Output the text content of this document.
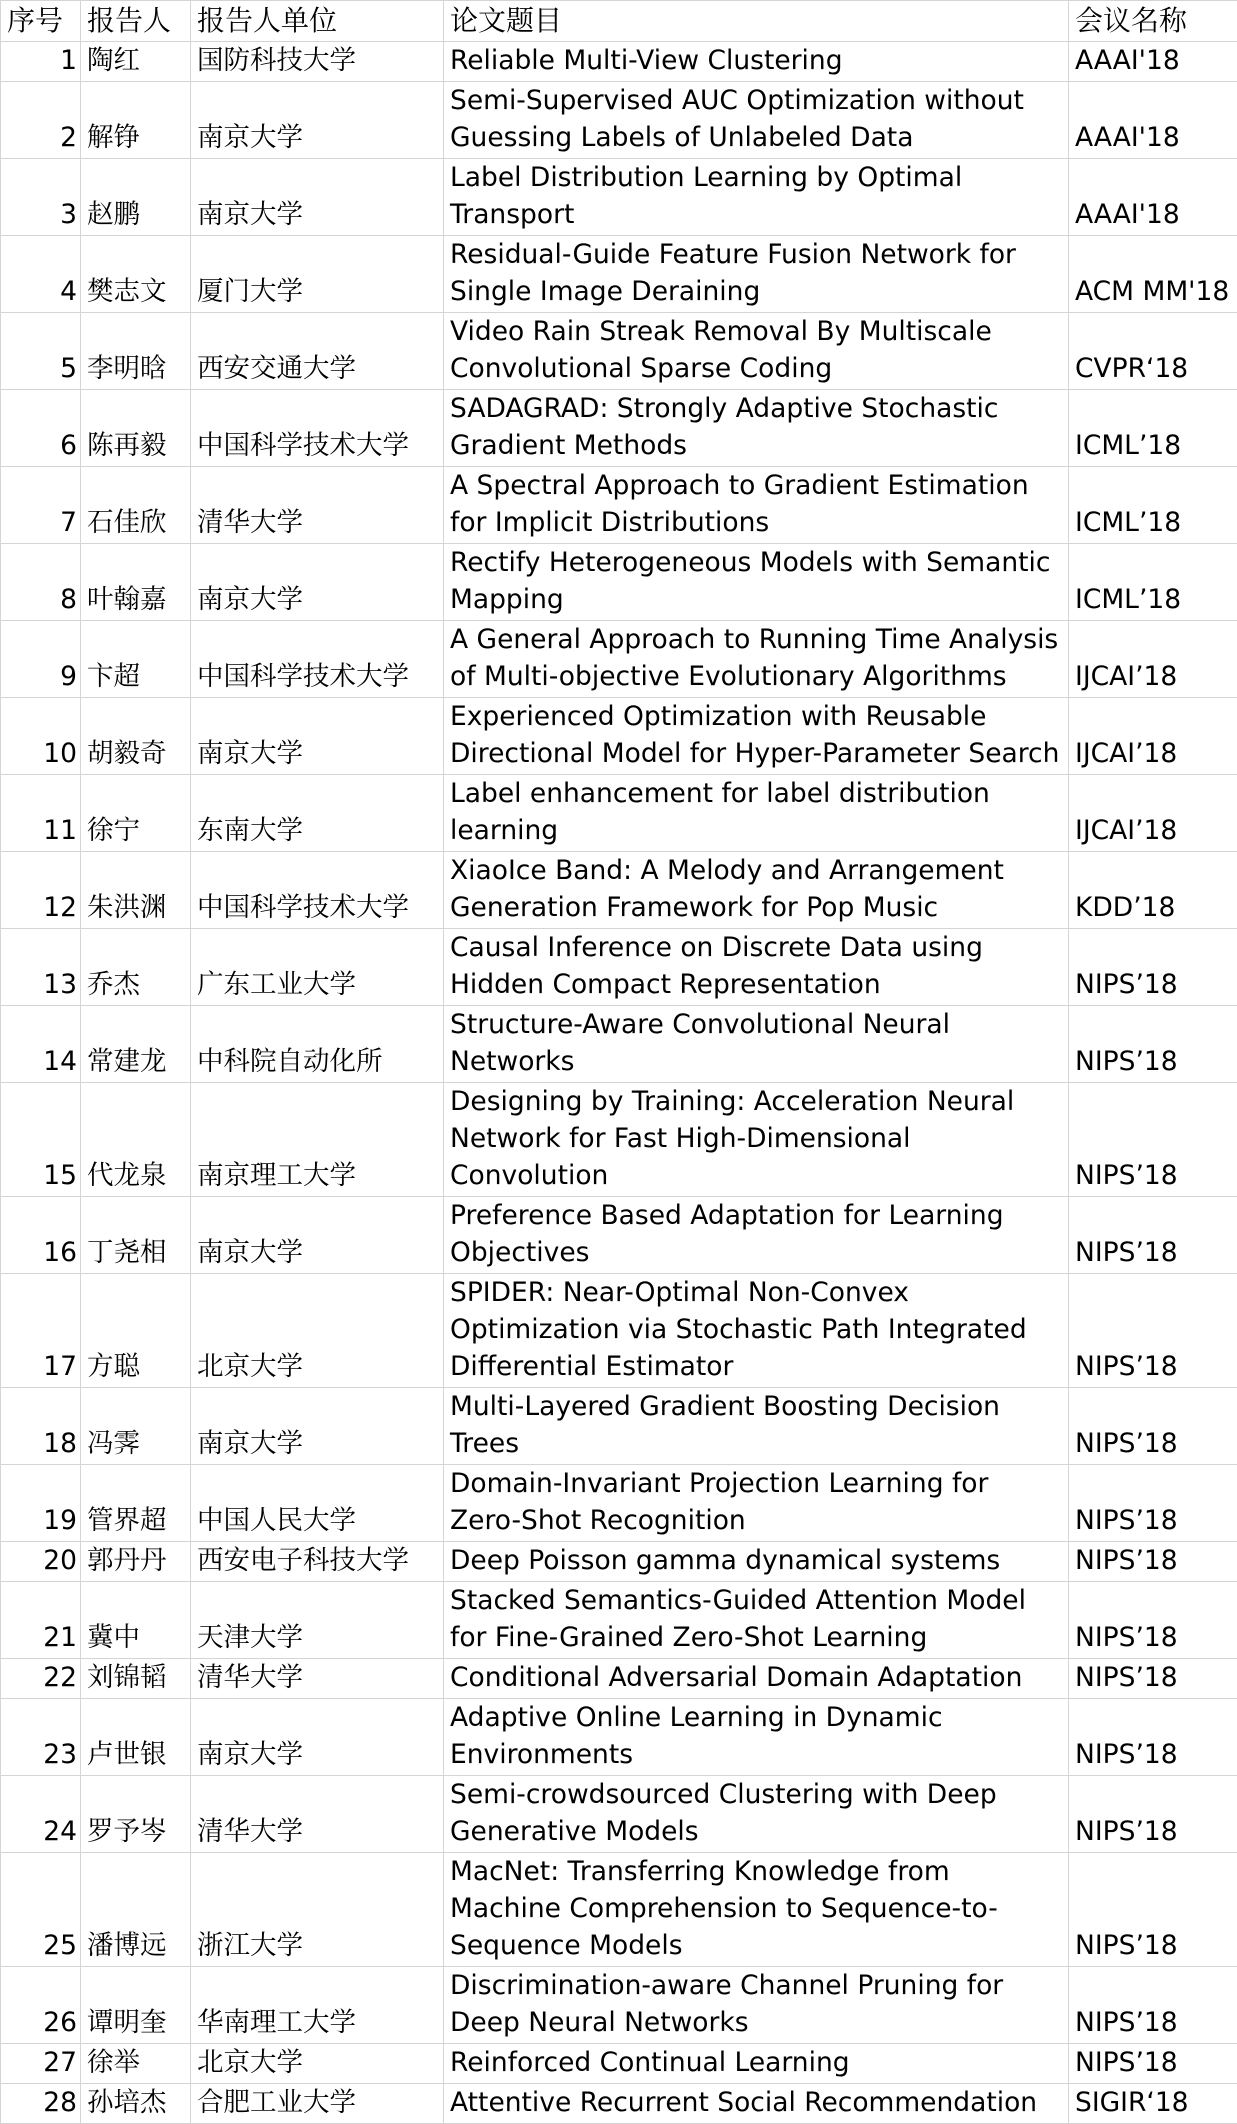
序号	报告人	报告人单位	论文题目	会议名称
1	陶红	国防科技大学	Reliable Multi-View Clustering	AAAI'18
2	解铮	南京大学	Semi-Supervised AUC Optimization without Guessing Labels of Unlabeled Data	AAAI'18
3	赵鹏	南京大学	Label Distribution Learning by Optimal Transport	AAAI'18
4	樊志文	厦门大学	Residual-Guide Feature Fusion Network for Single Image Deraining	ACM MM'18
5	李明晗	西安交通大学	Video Rain Streak Removal By Multiscale Convolutional Sparse Coding	CVPR‘18
6	陈再毅	中国科学技术大学	SADAGRAD: Strongly Adaptive Stochastic Gradient Methods	ICML’18
7	石佳欣	清华大学	A Spectral Approach to Gradient Estimation for Implicit Distributions	ICML’18
8	叶翰嘉	南京大学	Rectify Heterogeneous Models with Semantic Mapping	ICML’18
9	卞超	中国科学技术大学	A General Approach to Running Time Analysis of Multi-objective Evolutionary Algorithms	IJCAI’18
10	胡毅奇	南京大学	Experienced Optimization with Reusable Directional Model for Hyper-Parameter Search	IJCAI’18
11	徐宁	东南大学	Label enhancement for label distribution learning	IJCAI’18
12	朱洪渊	中国科学技术大学	XiaoIce Band: A Melody and Arrangement Generation Framework for Pop Music	KDD’18
13	乔杰	广东工业大学	Causal Inference on Discrete Data using Hidden Compact Representation	NIPS’18
14	常建龙	中科院自动化所	Structure-Aware Convolutional Neural Networks	NIPS’18
15	代龙泉	南京理工大学	Designing by Training: Acceleration Neural Network for Fast High-Dimensional Convolution	NIPS’18
16	丁尧相	南京大学	Preference Based Adaptation for Learning Objectives	NIPS’18
17	方聪	北京大学	SPIDER: Near-Optimal Non-Convex Optimization via Stochastic Path Integrated Differential Estimator	NIPS’18
18	冯霁	南京大学	Multi-Layered Gradient Boosting Decision Trees	NIPS’18
19	管界超	中国人民大学	Domain-Invariant Projection Learning for Zero-Shot Recognition	NIPS’18
20	郭丹丹	西安电子科技大学	Deep Poisson gamma dynamical systems	NIPS’18
21	冀中	天津大学	Stacked Semantics-Guided Attention Model for Fine-Grained Zero-Shot Learning	NIPS’18
22	刘锦韬	清华大学	Conditional Adversarial Domain Adaptation	NIPS’18
23	卢世银	南京大学	Adaptive Online Learning in Dynamic Environments	NIPS’18
24	罗予岑	清华大学	Semi-crowdsourced Clustering with Deep Generative Models	NIPS’18
25	潘博远	浙江大学	MacNet: Transferring Knowledge from Machine Comprehension to Sequence-to-Sequence Models	NIPS’18
26	谭明奎	华南理工大学	Discrimination-aware Channel Pruning for Deep Neural Networks	NIPS’18
27	徐举	北京大学	Reinforced Continual Learning	NIPS’18
28	孙培杰	合肥工业大学	Attentive Recurrent Social Recommendation	SIGIR‘18
